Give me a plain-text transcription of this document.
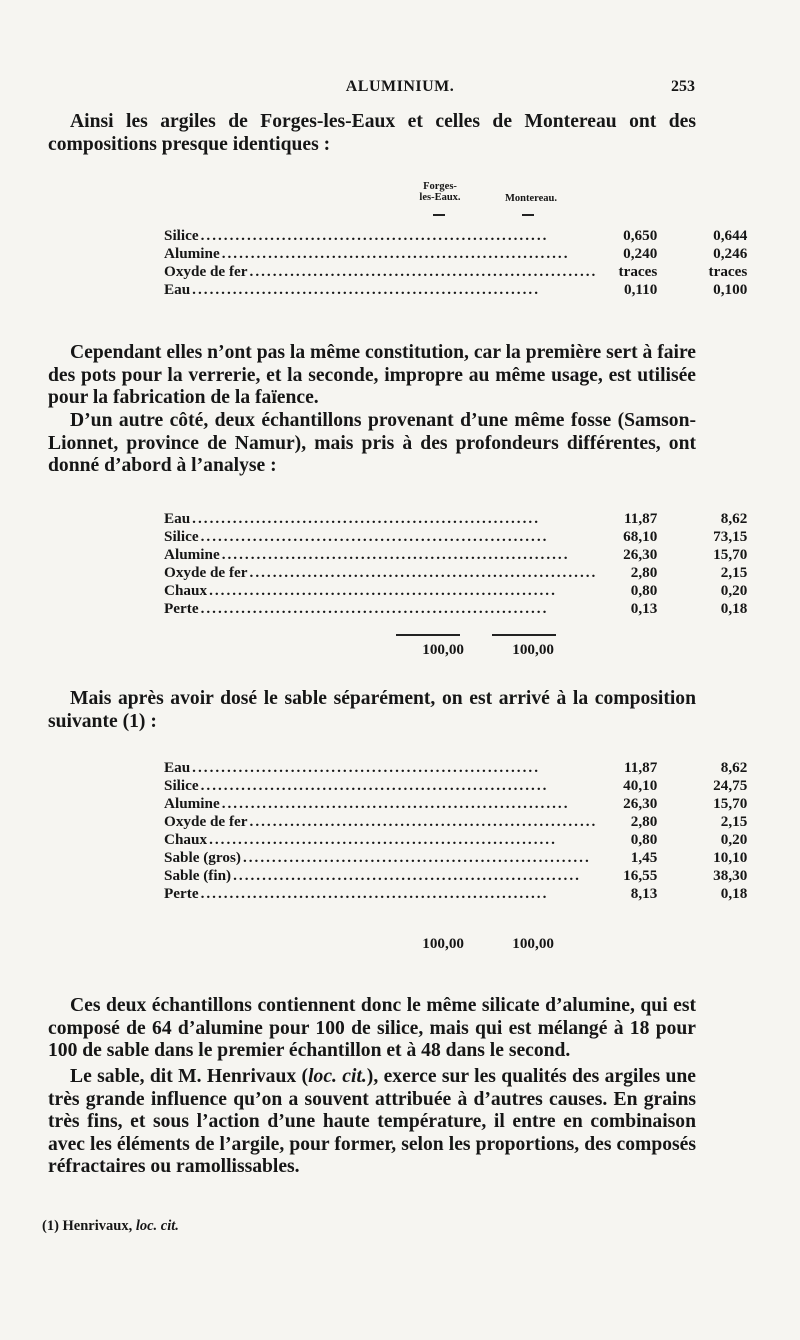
ALUMINIUM.	253

Ainsi les argiles de Forges-les-Eaux et celles de Montereau ont des compositions presque identiques :

Forges-
les-Eaux.	Montereau.
Silice ............................................................	0,650	0,644
Alumine ............................................................	0,240	0,246
Oxyde de fer ............................................................	traces	traces
Eau ............................................................	0,110	0,100

Cependant elles n’ont pas la même constitution, car la première sert à faire des pots pour la verrerie, et la seconde, impropre au même usage, est utilisée pour la fabrication de la faïence.

D’un autre côté, deux échantillons provenant d’une même fosse (Samson-Lionnet, province de Namur), mais pris à des profondeurs différentes, ont donné d’abord à l’analyse :

Eau ............................................................	11,87	8,62
Silice ............................................................	68,10	73,15
Alumine ............................................................	26,30	15,70
Oxyde de fer ............................................................	2,80	2,15
Chaux ............................................................	0,80	0,20
Perte ............................................................	0,13	0,18
	100,00	100,00

Mais après avoir dosé le sable séparément, on est arrivé à la composition suivante (1) :

Eau ............................................................	11,87	8,62
Silice ............................................................	40,10	24,75
Alumine ............................................................	26,30	15,70
Oxyde de fer ............................................................	2,80	2,15
Chaux ............................................................	0,80	0,20
Sable (gros) ............................................................	1,45	10,10
Sable (fin) ............................................................	16,55	38,30
Perte ............................................................	8,13	0,18
	100,00	100,00

Ces deux échantillons contiennent donc le même silicate d’alumine, qui est composé de 64 d’alumine pour 100 de silice, mais qui est mélangé à 18 pour 100 de sable dans le premier échantillon et à 48 dans le second.

Le sable, dit M. Henrivaux (loc. cit.), exerce sur les qualités des argiles une très grande influence qu’on a souvent attribuée à d’autres causes. En grains très fins, et sous l’action d’une haute température, il entre en combinaison avec les éléments de l’argile, pour former, selon les proportions, des composés réfractaires ou ramollissables.

(1) Henrivaux, loc. cit.
